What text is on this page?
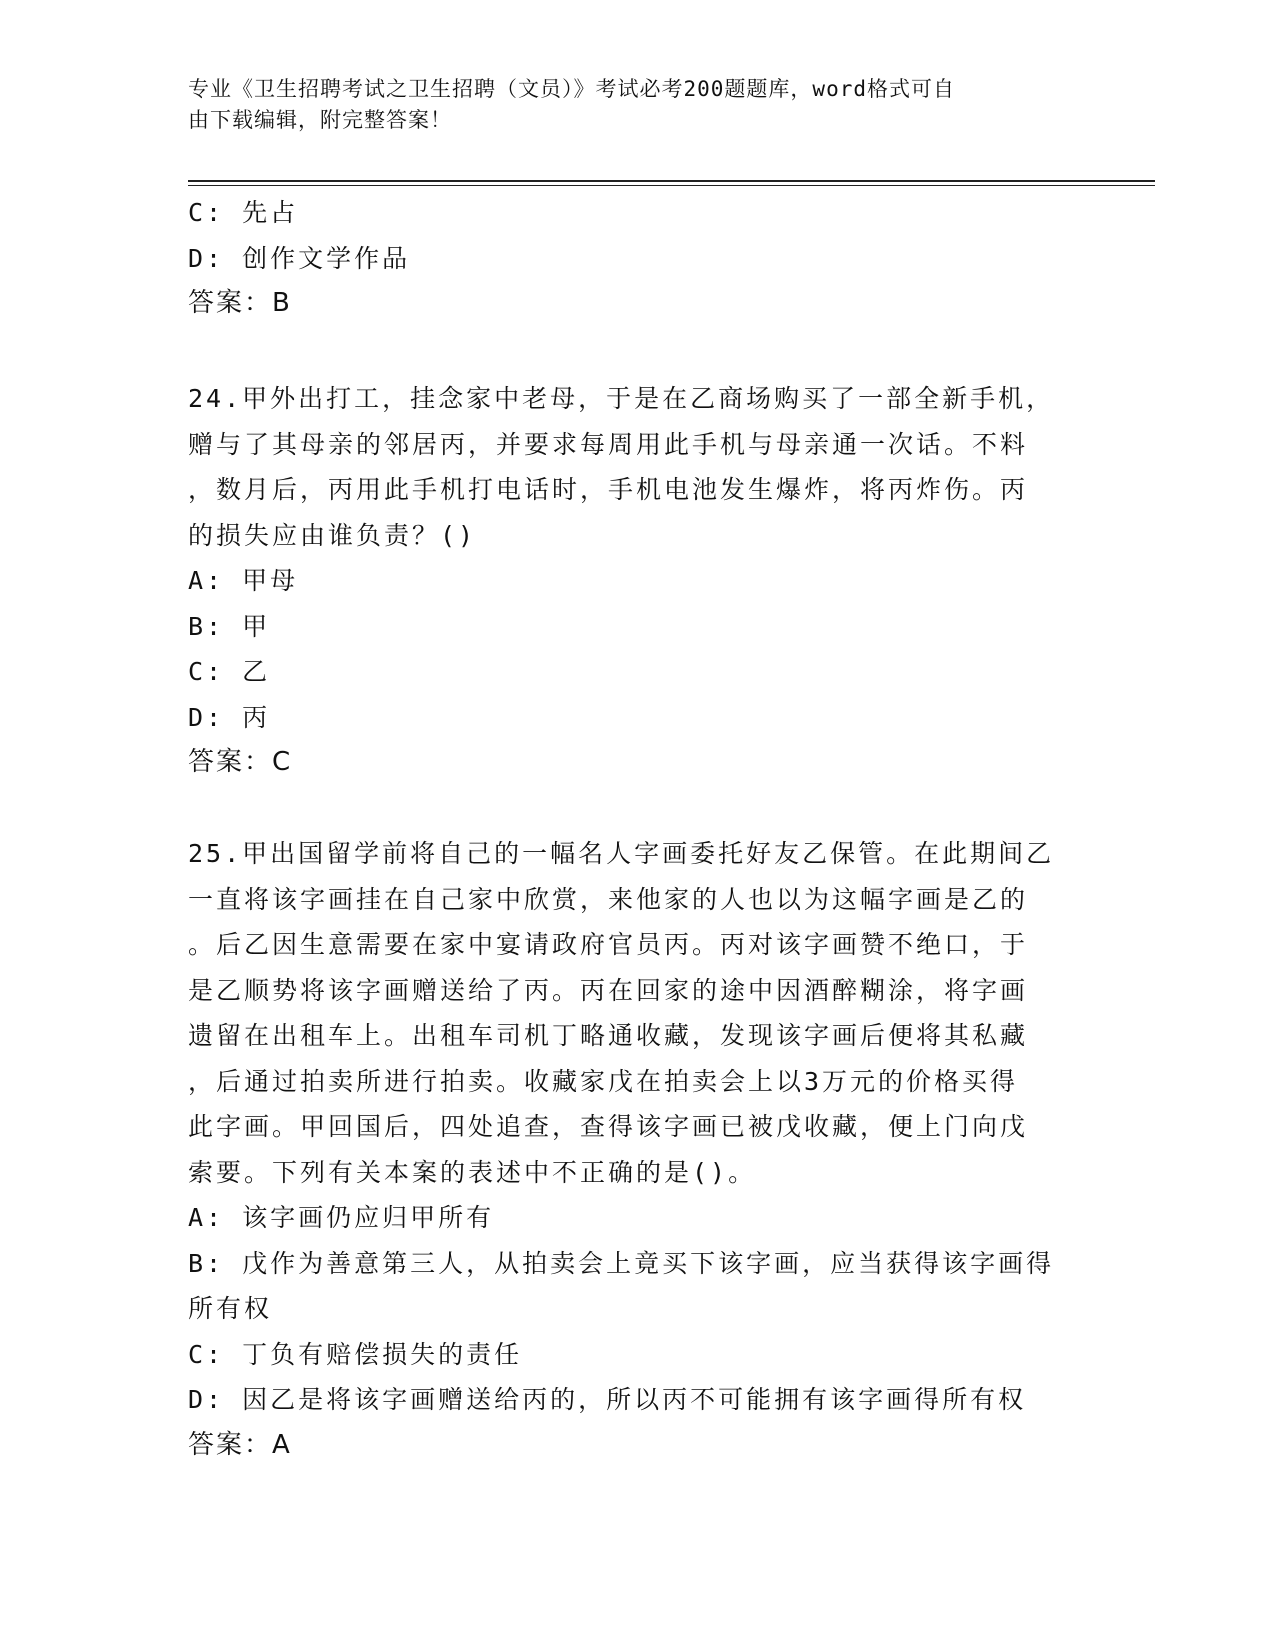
专业《卫生招聘考试之卫生招聘（文员）》考试必考200题题库，word格式可自
由下载编辑，附完整答案！
C: 先占
D: 创作文学作品
答案：B
24.甲外出打工，挂念家中老母，于是在乙商场购买了一部全新手机，
赠与了其母亲的邻居丙，并要求每周用此手机与母亲通一次话。不料
，数月后，丙用此手机打电话时，手机电池发生爆炸，将丙炸伤。丙
的损失应由谁负责？()
A: 甲母
B: 甲
C: 乙
D: 丙
答案：C
25.甲出国留学前将自己的一幅名人字画委托好友乙保管。在此期间乙
一直将该字画挂在自己家中欣赏，来他家的人也以为这幅字画是乙的
。后乙因生意需要在家中宴请政府官员丙。丙对该字画赞不绝口，于
是乙顺势将该字画赠送给了丙。丙在回家的途中因酒醉糊涂，将字画
遗留在出租车上。出租车司机丁略通收藏，发现该字画后便将其私藏
，后通过拍卖所进行拍卖。收藏家戊在拍卖会上以3万元的价格买得
此字画。甲回国后，四处追查，查得该字画已被戊收藏，便上门向戊
索要。下列有关本案的表述中不正确的是()。
A: 该字画仍应归甲所有
B: 戊作为善意第三人，从拍卖会上竟买下该字画，应当获得该字画得
所有权
C: 丁负有赔偿损失的责任
D: 因乙是将该字画赠送给丙的，所以丙不可能拥有该字画得所有权
答案：A
